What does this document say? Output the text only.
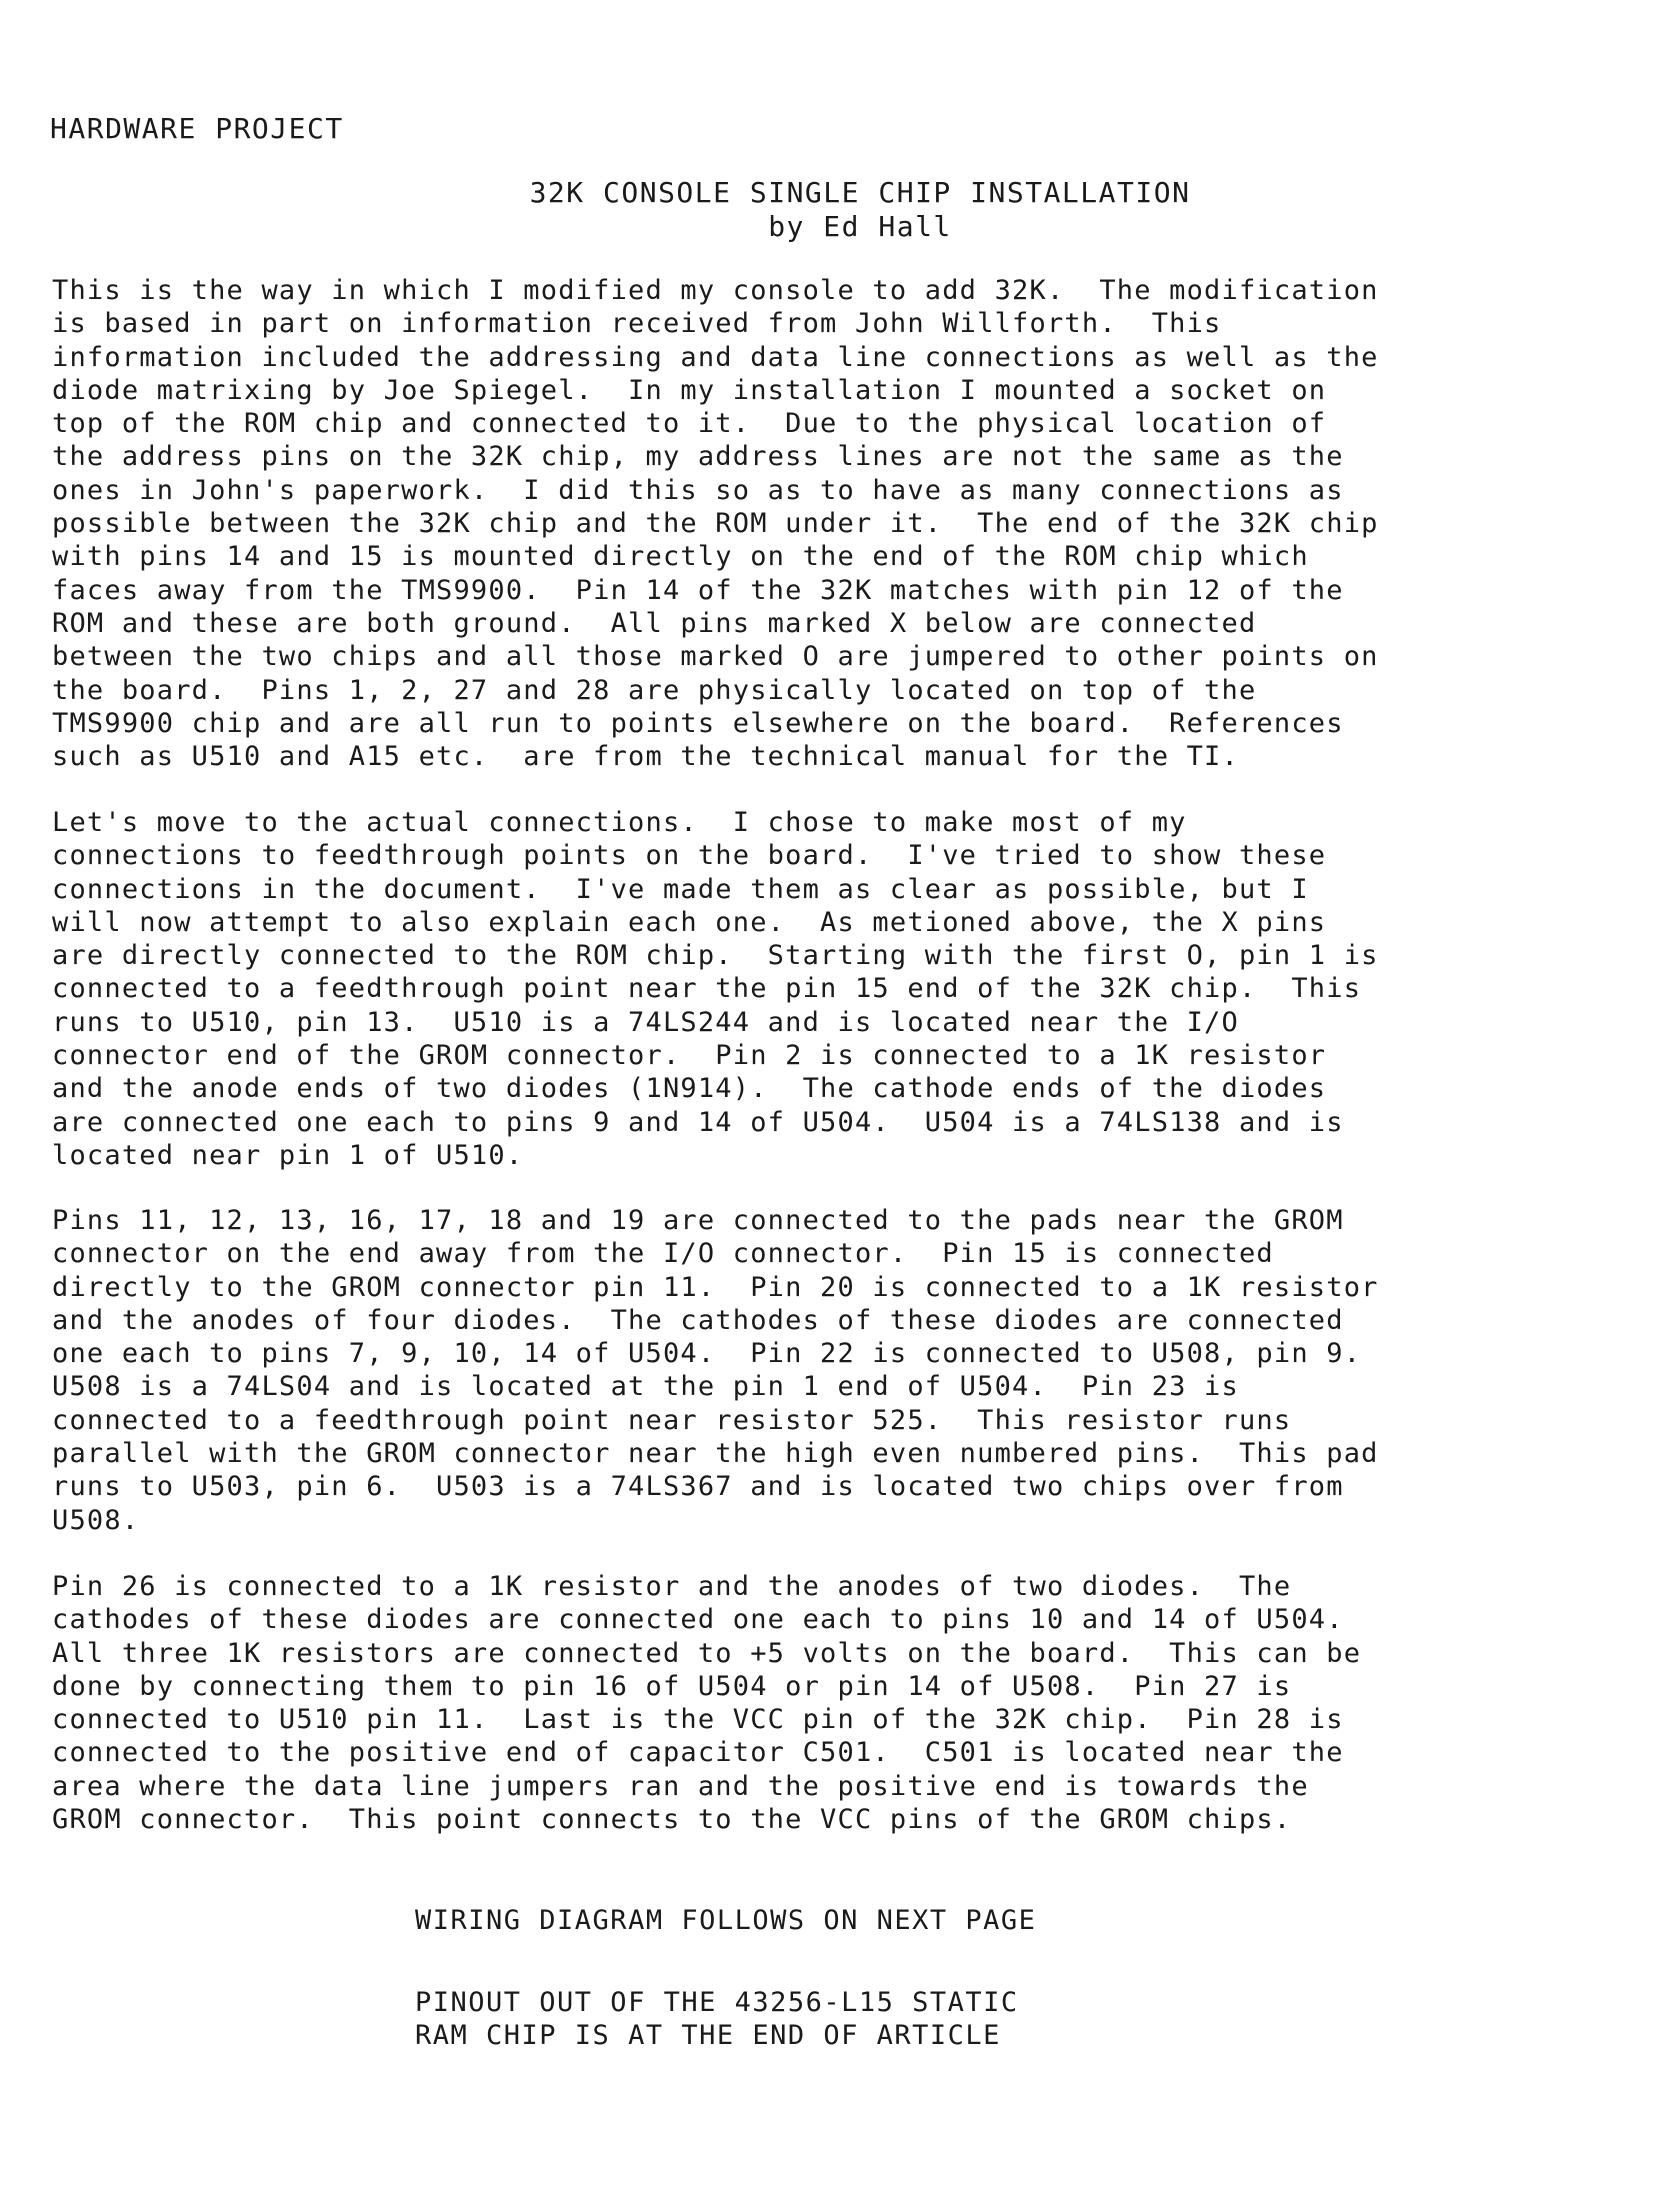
HARDWARE PROJECT
32K CONSOLE SINGLE CHIP INSTALLATION
by Ed Hall
This is the way in which I modified my console to add 32K.  The modification
is based in part on information received from John Willforth.  This
information included the addressing and data line connections as well as the
diode matrixing by Joe Spiegel.  In my installation I mounted a socket on
top of the ROM chip and connected to it.  Due to the physical location of
the address pins on the 32K chip, my address lines are not the same as the
ones in John's paperwork.  I did this so as to have as many connections as
possible between the 32K chip and the ROM under it.  The end of the 32K chip
with pins 14 and 15 is mounted directly on the end of the ROM chip which
faces away from the TMS9900.  Pin 14 of the 32K matches with pin 12 of the
ROM and these are both ground.  All pins marked X below are connected
between the two chips and all those marked O are jumpered to other points on
the board.  Pins 1, 2, 27 and 28 are physically located on top of the
TMS9900 chip and are all run to points elsewhere on the board.  References
such as U510 and A15 etc.  are from the technical manual for the TI.
Let's move to the actual connections.  I chose to make most of my
connections to feedthrough points on the board.  I've tried to show these
connections in the document.  I've made them as clear as possible, but I
will now attempt to also explain each one.  As metioned above, the X pins
are directly connected to the ROM chip.  Starting with the first O, pin 1 is
connected to a feedthrough point near the pin 15 end of the 32K chip.  This
runs to U510, pin 13.  U510 is a 74LS244 and is located near the I/O
connector end of the GROM connector.  Pin 2 is connected to a 1K resistor
and the anode ends of two diodes (1N914).  The cathode ends of the diodes
are connected one each to pins 9 and 14 of U504.  U504 is a 74LS138 and is
located near pin 1 of U510.
Pins 11, 12, 13, 16, 17, 18 and 19 are connected to the pads near the GROM
connector on the end away from the I/O connector.  Pin 15 is connected
directly to the GROM connector pin 11.  Pin 20 is connected to a 1K resistor
and the anodes of four diodes.  The cathodes of these diodes are connected
one each to pins 7, 9, 10, 14 of U504.  Pin 22 is connected to U508, pin 9.
U508 is a 74LS04 and is located at the pin 1 end of U504.  Pin 23 is
connected to a feedthrough point near resistor 525.  This resistor runs
parallel with the GROM connector near the high even numbered pins.  This pad
runs to U503, pin 6.  U503 is a 74LS367 and is located two chips over from
U508.
Pin 26 is connected to a 1K resistor and the anodes of two diodes.  The
cathodes of these diodes are connected one each to pins 10 and 14 of U504.
All three 1K resistors are connected to +5 volts on the board.  This can be
done by connecting them to pin 16 of U504 or pin 14 of U508.  Pin 27 is
connected to U510 pin 11.  Last is the VCC pin of the 32K chip.  Pin 28 is
connected to the positive end of capacitor C501.  C501 is located near the
area where the data line jumpers ran and the positive end is towards the
GROM connector.  This point connects to the VCC pins of the GROM chips.
WIRING DIAGRAM FOLLOWS ON NEXT PAGE
PINOUT OUT OF THE 43256-L15 STATIC
RAM CHIP IS AT THE END OF ARTICLE
